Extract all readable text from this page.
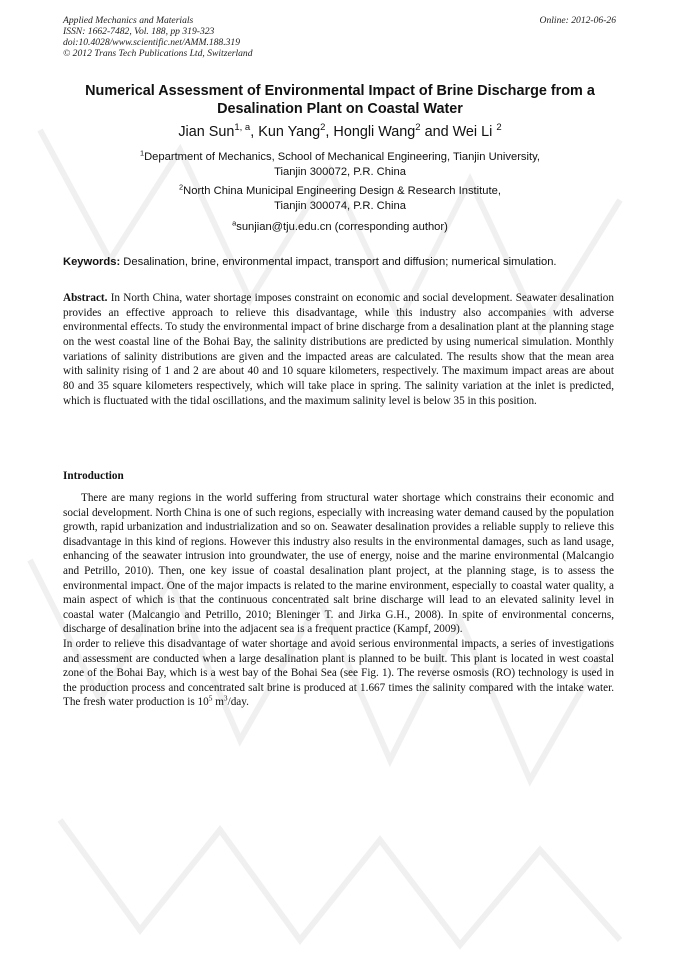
Applied Mechanics and Materials
ISSN: 1662-7482, Vol. 188, pp 319-323
doi:10.4028/www.scientific.net/AMM.188.319
© 2012 Trans Tech Publications Ltd, Switzerland
Online: 2012-06-26
Numerical Assessment of Environmental Impact of Brine Discharge from a Desalination Plant on Coastal Water
Jian Sun$^{1, a}$, Kun Yang$^2$, Hongli Wang$^2$ and Wei Li $^2$
$^1$Department of Mechanics, School of Mechanical Engineering, Tianjin University,
Tianjin 300072, P.R. China
$^2$North China Municipal Engineering Design & Research Institute,
Tianjin 300074, P.R. China
$^a$sunjian@tju.edu.cn (corresponding author)
Keywords: Desalination, brine, environmental impact, transport and diffusion; numerical simulation.
Abstract. In North China, water shortage imposes constraint on economic and social development. Seawater desalination provides an effective approach to relieve this disadvantage, while this industry also accompanies with adverse environmental effects. To study the environmental impact of brine discharge from a desalination plant at the planning stage on the west coastal line of the Bohai Bay, the salinity distributions are predicted by using numerical simulation. Monthly variations of salinity distributions are given and the impacted areas are calculated. The results show that the mean area with salinity rising of 1 and 2 are about 40 and 10 square kilometers, respectively. The maximum impact areas are about 80 and 35 square kilometers respectively, which will take place in spring. The salinity variation at the inlet is predicted, which is fluctuated with the tidal oscillations, and the maximum salinity level is below 35 in this position.
Introduction

There are many regions in the world suffering from structural water shortage which constrains their economic and social development. North China is one of such regions, especially with increasing water demand caused by the population growth, rapid urbanization and industrialization and so on. Seawater desalination provides a reliable supply to relieve this disadvantage in this kind of regions. However this industry also results in the environmental damages, such as land usage, enhancing of the seawater intrusion into groundwater, the use of energy, noise and the marine environmental (Malcangio and Petrillo, 2010). Then, one key issue of coastal desalination plant project, at the planning stage, is to assess the environmental impact. One of the major impacts is related to the marine environment, especially to coastal water quality, a main aspect of which is that the continuous concentrated salt brine discharge will lead to an elevated salinity level in coastal water (Malcangio and Petrillo, 2010; Bleninger T. and Jirka G.H., 2008). In spite of environmental concerns, discharge of desalination brine into the adjacent sea is a frequent practice (Kampf, 2009).

In order to relieve this disadvantage of water shortage and avoid serious environmental impacts, a series of investigations and assessment are conducted when a large desalination plant is planned to be built. This plant is located in west coastal zone of the Bohai Bay, which is a west bay of the Bohai Sea (see Fig. 1). The reverse osmosis (RO) technology is used in the production process and concentrated salt brine is produced at 1.667 times the salinity compared with the intake water. The fresh water production is $10^5$ $m^3$/day.
